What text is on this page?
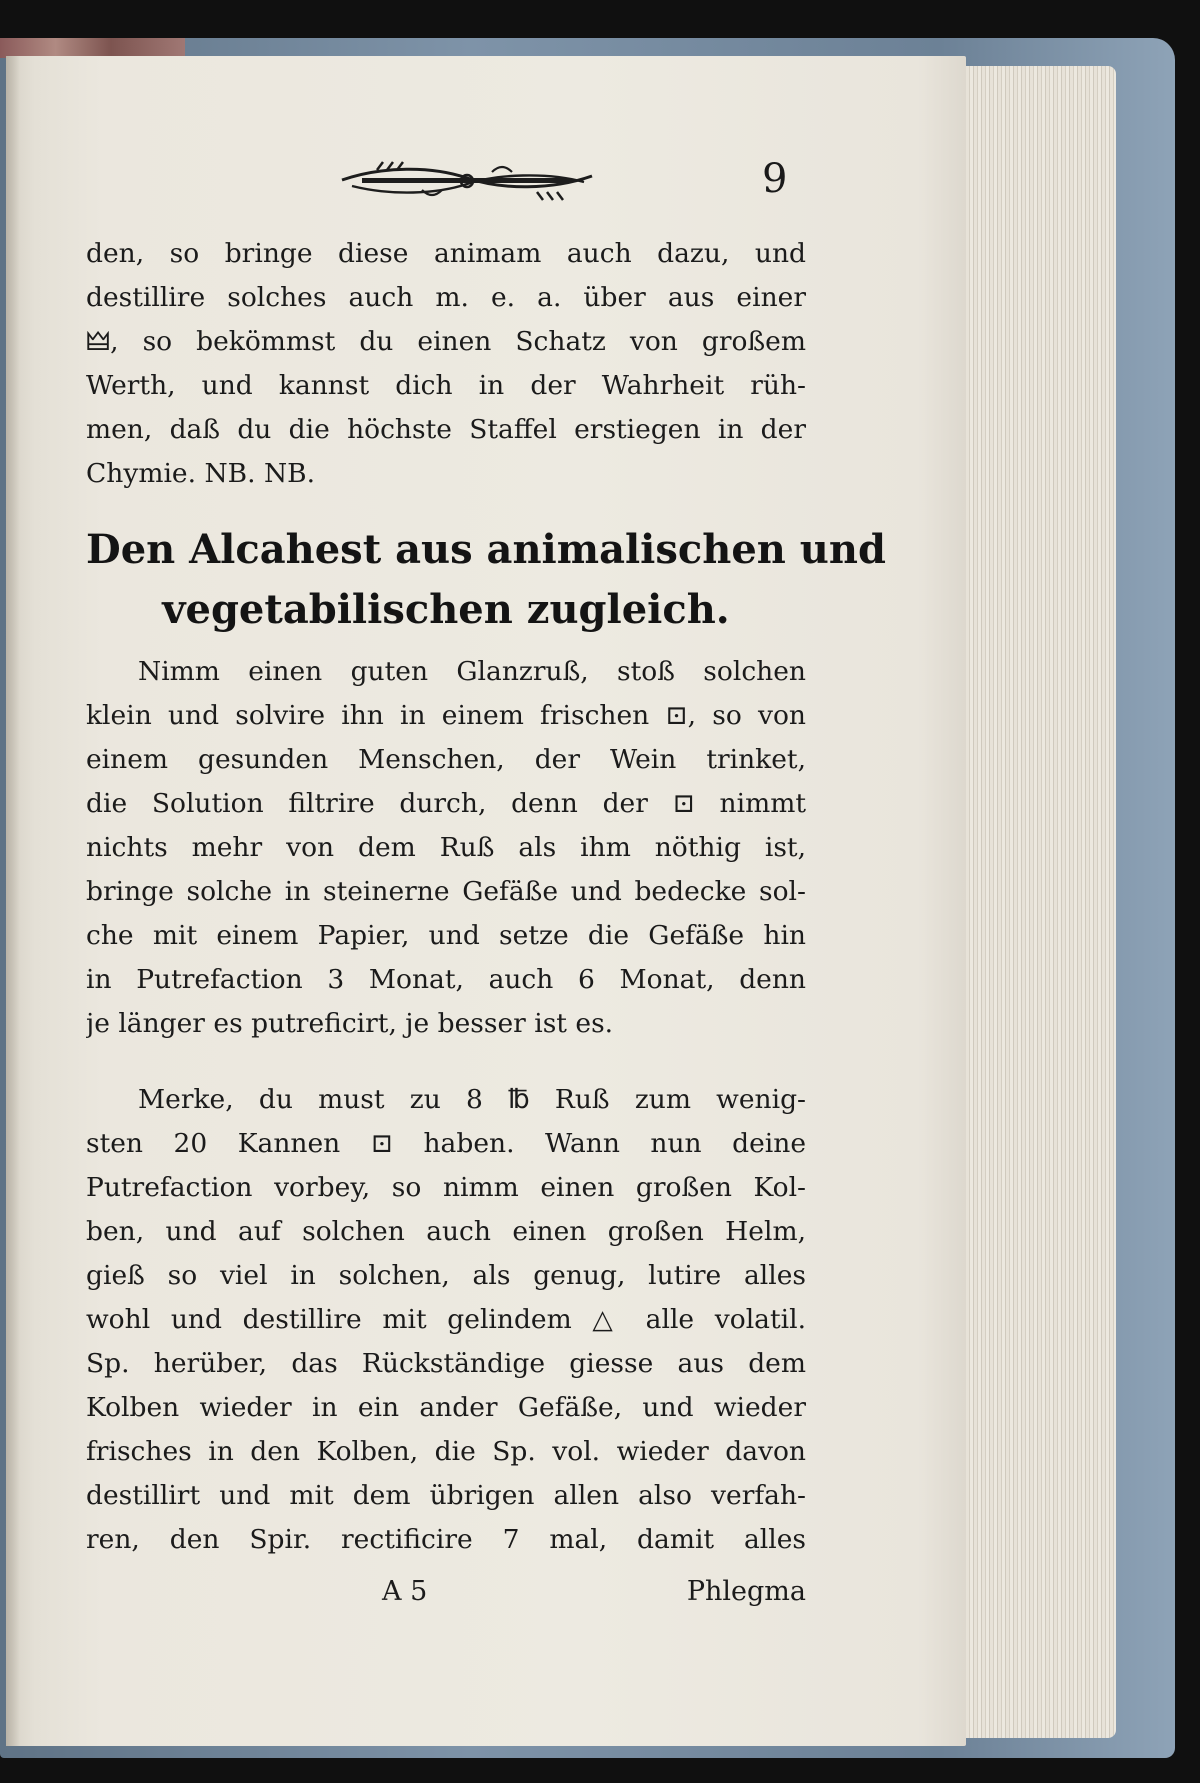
9
den, so bringe diese animam auch dazu, und
destillire solches auch m. e. a. über aus einer
🜲, so bekömmst du einen Schatz von großem
Werth, und kannst dich in der Wahrheit rüh-
men, daß du die höchste Staffel erstiegen in der
Chymie. NB. NB.
Den Alcahest aus animalischen und
vegetabilischen zugleich.
Nimm einen guten Glanzruß, stoß solchen
klein und solvire ihn in einem frischen ⊡, so von
einem gesunden Menschen, der Wein trinket,
die Solution filtrire durch, denn der ⊡ nimmt
nichts mehr von dem Ruß als ihm nöthig ist,
bringe solche in steinerne Gefäße und bedecke sol-
che mit einem Papier, und setze die Gefäße hin
in Putrefaction 3 Monat, auch 6 Monat, denn
je länger es putreficirt, je besser ist es.
Merke, du must zu 8 ℔ Ruß zum wenig-
sten 20 Kannen ⊡ haben. Wann nun deine
Putrefaction vorbey, so nimm einen großen Kol-
ben, und auf solchen auch einen großen Helm,
gieß so viel in solchen, als genug, lutire alles
wohl und destillire mit gelindem △ alle volatil.
Sp. herüber, das Rückständige giesse aus dem
Kolben wieder in ein ander Gefäße, und wieder
frisches in den Kolben, die Sp. vol. wieder davon
destillirt und mit dem übrigen allen also verfah-
ren, den Spir. rectificire 7 mal, damit alles
A 5	Phlegma
